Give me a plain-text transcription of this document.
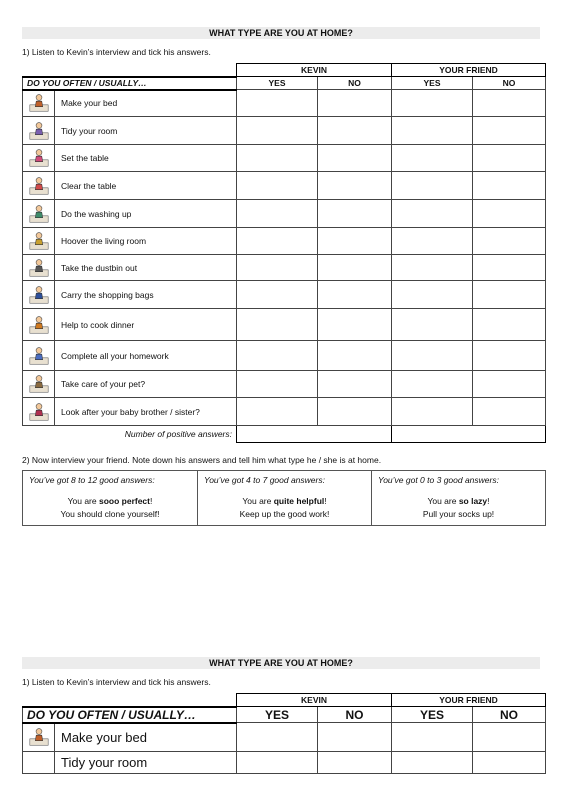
WHAT TYPE ARE YOU AT HOME?
1) Listen to Kevin’s interview and tick his answers.
		KEVIN		YOUR FRIEND	
DO YOU OFTEN / USUALLY…		YES	NO	YES	NO

	Make your bed				

	Tidy your room				

	Set the table				

	Clear the table				

	Do the washing up				

	Hoover the living room				

	Take the dustbin out				

	Carry the shopping bags				

	Help to cook dinner				

	Complete all your homework				

	Take care of your pet?				

	Look after your baby brother / sister?				
Number of positive answers:					
2) Now interview your friend. Note down his answers and tell him what type he / she is at home.
You’ve got 8 to 12 good answers:
You are sooo perfect!
You should clone yourself!

You’ve got 4 to 7 good answers:
You are quite helpful!
Keep up the good work!

You’ve got 0 to 3 good answers:
You are so lazy!
Pull your socks up!
WHAT TYPE ARE YOU AT HOME?
1) Listen to Kevin’s interview and tick his answers.
		KEVIN		YOUR FRIEND	
DO YOU OFTEN / USUALLY…		YES	NO	YES	NO

	Make your bed				
	Tidy your room				
